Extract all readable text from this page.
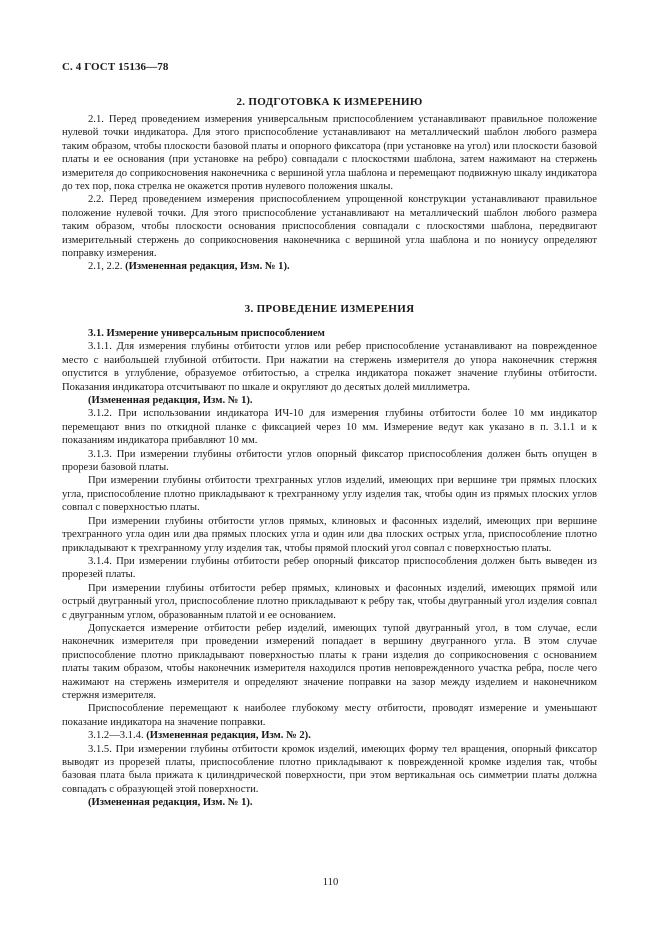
С. 4 ГОСТ 15136—78
2. ПОДГОТОВКА К ИЗМЕРЕНИЮ

2.1. Перед проведением измерения универсальным приспособлением устанавливают правильное положение нулевой точки индикатора. Для этого приспособление устанавливают на металлический шаблон любого размера таким образом, чтобы плоскости базовой платы и опорного фиксатора (при установке на угол) или плоскости базовой платы и ее основания (при установке на ребро) совпадали с плоскостями шаблона, затем нажимают на стержень измерителя до соприкосновения наконечника с вершиной угла шаблона и перемещают подвижную шкалу индикатора до тех пор, пока стрелка не окажется против нулевого положения шкалы.

2.2. Перед проведением измерения приспособлением упрощенной конструкции устанавливают правильное положение нулевой точки. Для этого приспособление устанавливают на металлический шаблон любого размера таким образом, чтобы плоскости основания приспособления совпадали с плоскостями шаблона, передвигают измерительный стержень до соприкосновения наконечника с вершиной угла шаблона и по нониусу определяют поправку измерения.

2.1, 2.2. (Измененная редакция, Изм. № 1).

3. ПРОВЕДЕНИЕ ИЗМЕРЕНИЯ

3.1. Измерение универсальным приспособлением

3.1.1. Для измерения глубины отбитости углов или ребер приспособление устанавливают на поврежденное место с наибольшей глубиной отбитости. При нажатии на стержень измерителя до упора наконечник стержня опустится в углубление, образуемое отбитостью, а стрелка индикатора покажет значение глубины отбитости. Показания индикатора отсчитывают по шкале и округляют до десятых долей миллиметра.

(Измененная редакция, Изм. № 1).

3.1.2. При использовании индикатора ИЧ-10 для измерения глубины отбитости более 10 мм индикатор перемещают вниз по откидной планке с фиксацией через 10 мм. Измерение ведут как указано в п. 3.1.1 и к показаниям индикатора прибавляют 10 мм.

3.1.3. При измерении глубины отбитости углов опорный фиксатор приспособления должен быть опущен в прорези базовой платы.

При измерении глубины отбитости трехгранных углов изделий, имеющих при вершине три прямых плоских угла, приспособление плотно прикладывают к трехгранному углу изделия так, чтобы один из прямых плоских углов совпал с поверхностью платы.

При измерении глубины отбитости углов прямых, клиновых и фасонных изделий, имеющих при вершине трехгранного угла один или два прямых плоских угла и один или два плоских острых угла, приспособление плотно прикладывают к трехгранному углу изделия так, чтобы прямой плоский угол совпал с поверхностью платы.

3.1.4. При измерении глубины отбитости ребер опорный фиксатор приспособления должен быть выведен из прорезей платы.

При измерении глубины отбитости ребер прямых, клиновых и фасонных изделий, имеющих прямой или острый двугранный угол, приспособление плотно прикладывают к ребру так, чтобы двугранный угол изделия совпал с двугранным углом, образованным платой и ее основанием.

Допускается измерение отбитости ребер изделий, имеющих тупой двугранный угол, в том случае, если наконечник измерителя при проведении измерений попадает в вершину двугранного угла. В этом случае приспособление плотно прикладывают поверхностью платы к грани изделия до соприкосновения с основанием платы таким образом, чтобы наконечник измерителя находился против неповрежденного участка ребра, после чего нажимают на стержень измерителя и определяют значение поправки на зазор между изделием и наконечником стержня измерителя.

Приспособление перемещают к наиболее глубокому месту отбитости, проводят измерение и уменьшают показание индикатора на значение поправки.

3.1.2—3.1.4. (Измененная редакция, Изм. № 2).

3.1.5. При измерении глубины отбитости кромок изделий, имеющих форму тел вращения, опорный фиксатор выводят из прорезей платы, приспособление плотно прикладывают к поврежденной кромке изделия так, чтобы базовая плата была прижата к цилиндрической поверхности, при этом вертикальная ось симметрии платы должна совпадать с образующей этой поверхности.

(Измененная редакция, Изм. № 1).

110
